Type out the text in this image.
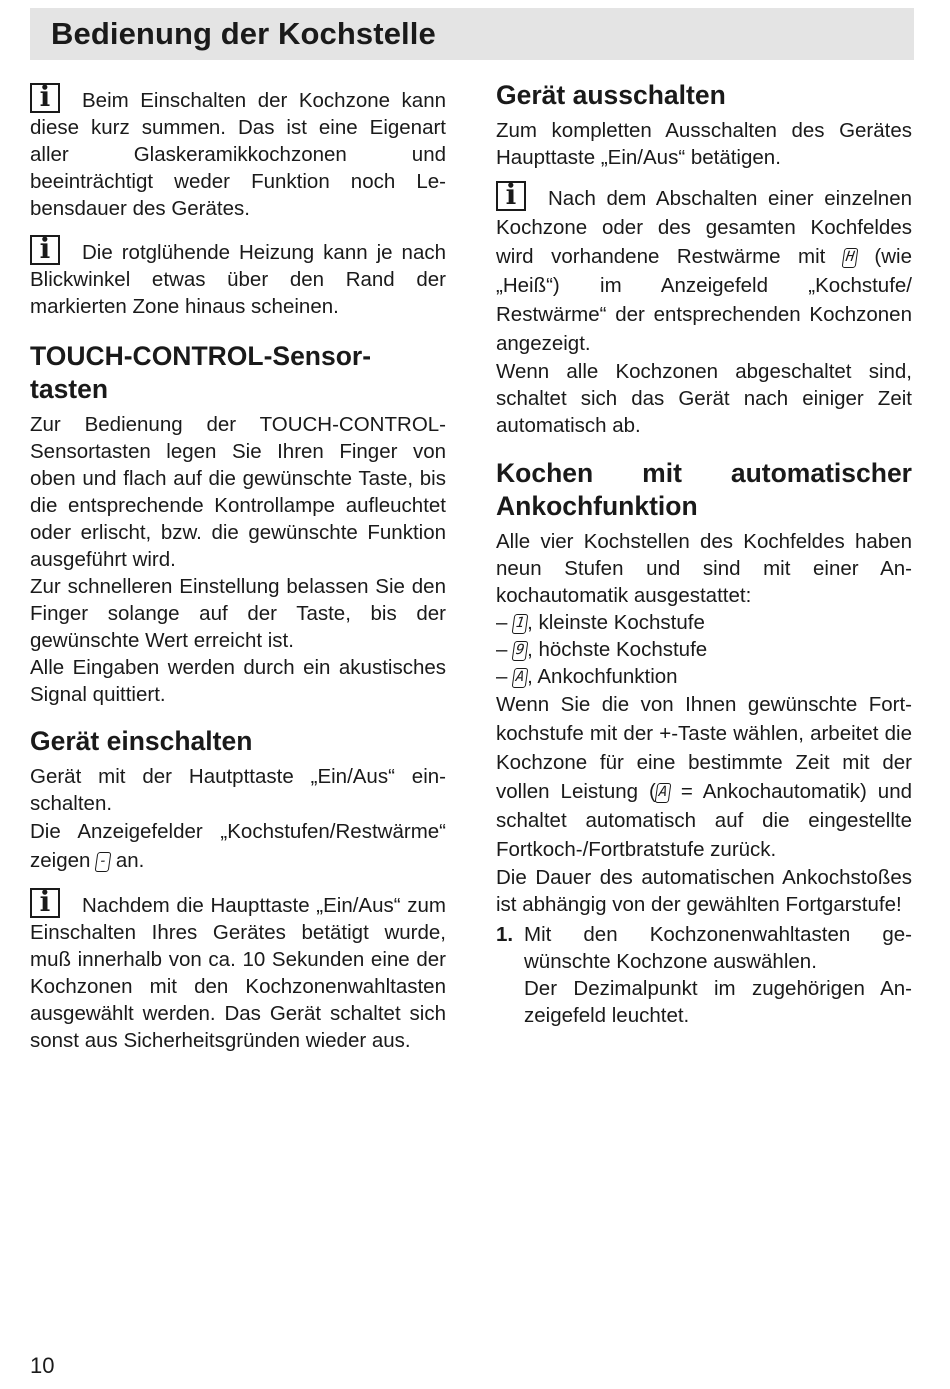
Bedienung der Kochstelle

iBeim Einschalten der Kochzone kann diese kurz summen. Das ist eine Eigenart aller Glaskeramikkochzonen und beeinträchtigt weder Funktion noch Lebensdauer des Gerätes.

iDie rotglühende Heizung kann je nach Blickwinkel etwas über den Rand der markierten Zone hinaus scheinen.

TOUCH-CONTROL-Sensor-tasten

Zur Bedienung der TOUCH-CONTROL-Sensortasten legen Sie Ihren Finger von oben und flach auf die gewünschte Taste, bis die entsprechende Kontrollampe aufleuchtet oder erlischt, bzw. die gewünschte Funktion ausgeführt wird.

Zur schnelleren Einstellung belassen Sie den Finger solange auf der Taste, bis der gewünschte Wert erreicht ist.

Alle Eingaben werden durch ein akustisches Signal quittiert.

Gerät einschalten

Gerät mit der Hautpttaste „Ein/Aus“ einschalten.

Die Anzeigefelder „Kochstufen/Restwärme“ zeigen - an.

iNachdem die Haupttaste „Ein/Aus“ zum Einschalten Ihres Gerätes betätigt wurde, muß innerhalb von ca. 10 Sekunden eine der Kochzonen mit den Kochzonenwahltasten ausgewählt werden. Das Gerät schaltet sich sonst aus Sicherheitsgründen wieder aus.

Gerät ausschalten

Zum kompletten Ausschalten des Gerätes Haupttaste „Ein/Aus“ betätigen.

iNach dem Abschalten einer einzelnen Kochzone oder des gesamten Kochfeldes wird vorhandene Restwärme mit H (wie „Heiß“) im Anzeigefeld „Kochstufe/ Restwärme“ der entsprechenden Kochzonen angezeigt.

Wenn alle Kochzonen abgeschaltet sind, schaltet sich das Gerät nach einiger Zeit automatisch ab.

Kochen mit automatischer Ankochfunktion

Alle vier Kochstellen des Kochfeldes haben neun Stufen und sind mit einer Ankochautomatik ausgestattet:

– 1, kleinste Kochstufe

– 9, höchste Kochstufe

– A, Ankochfunktion

Wenn Sie die von Ihnen gewünschte Fortkochstufe mit der +-Taste wählen, arbeitet die Kochzone für eine bestimmte Zeit mit der vollen Leistung ( A = Ankochautomatik) und schaltet automatisch auf die eingestellte Fortkoch-/Fortbratstufe zurück.

Die Dauer des automatischen Ankochstoßes ist abhängig von der gewählten Fortgarstufe!

1. Mit den Kochzonenwahltasten gewünschte Kochzone auswählen.

Der Dezimalpunkt im zugehörigen Anzeigefeld leuchtet.

10
